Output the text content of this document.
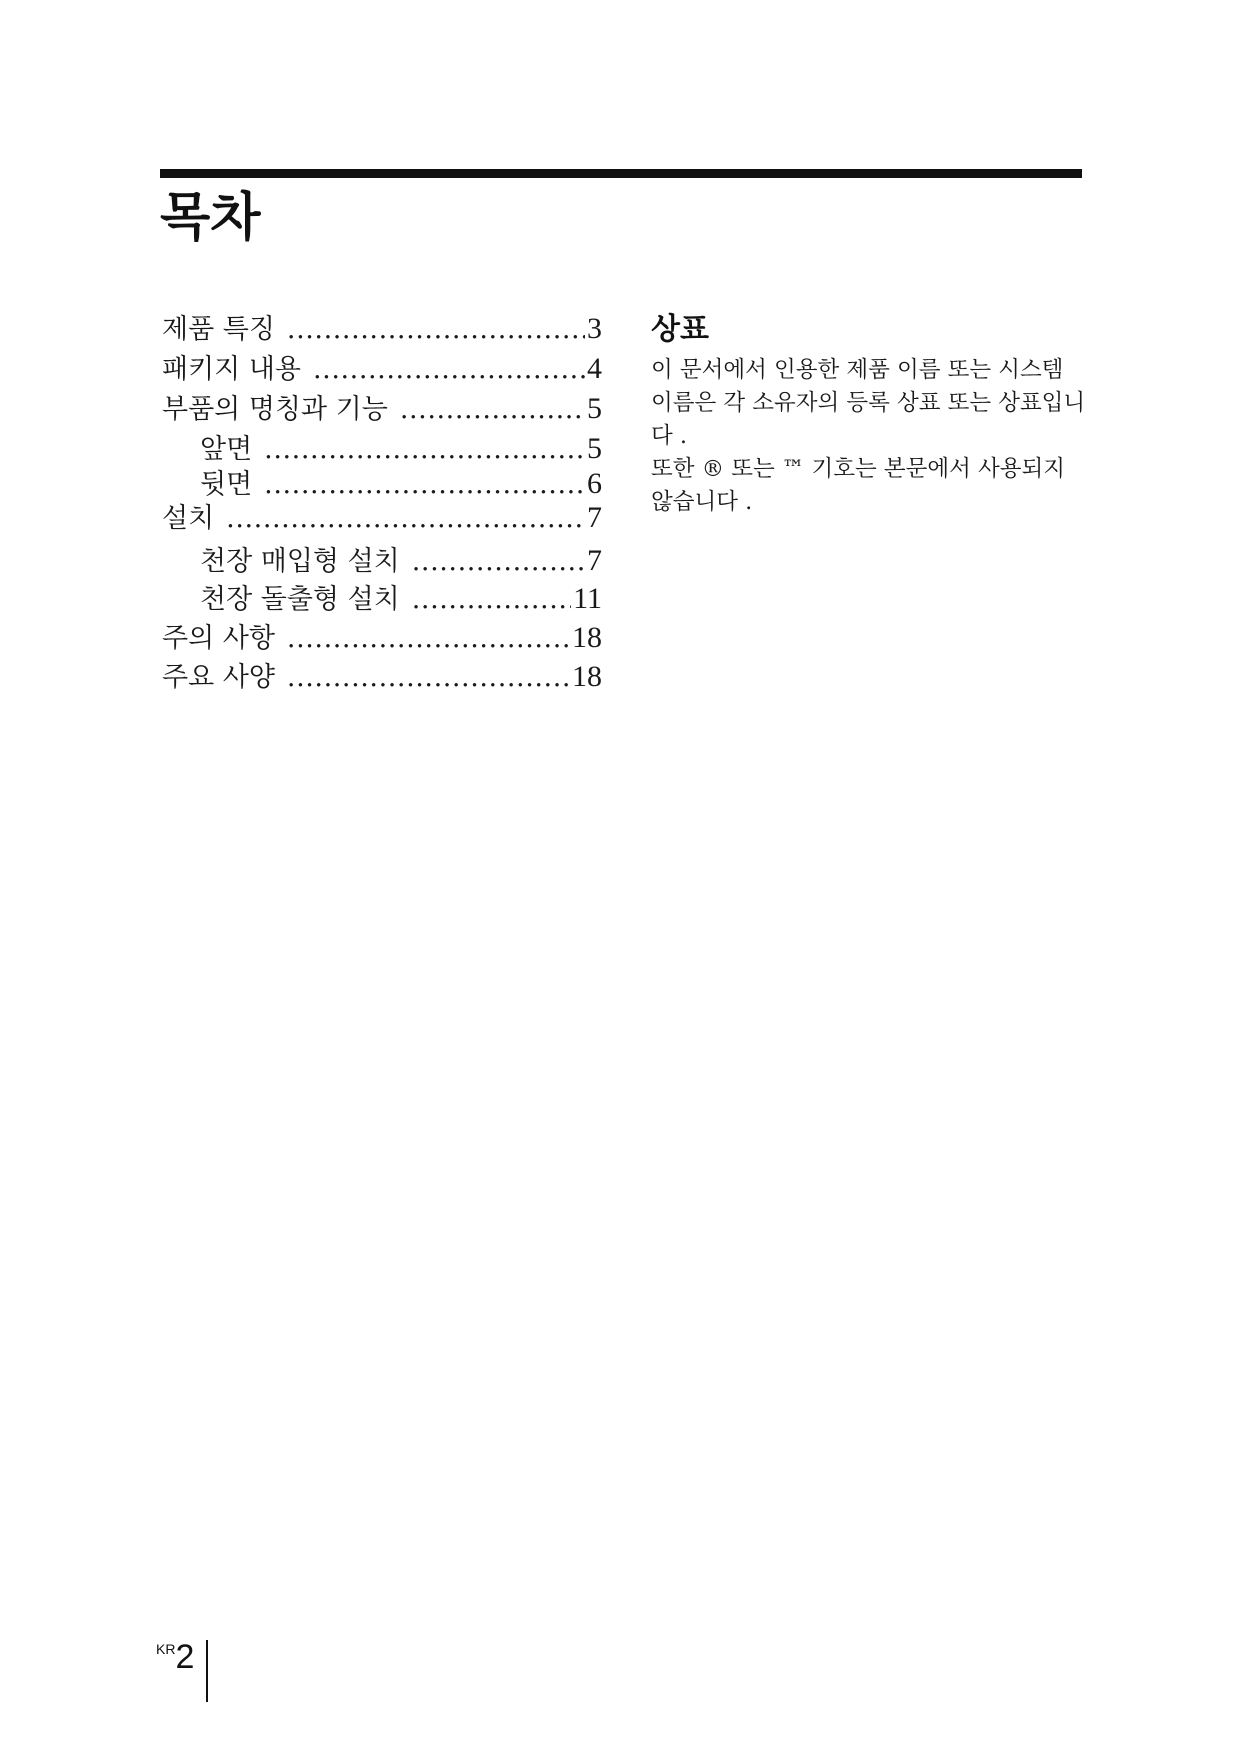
목차
제품 특징 . . .	3
패키지 내용 . . .	4
부품의 명칭과 기능 . . .	5
앞면 . . .	5
뒷면 . . .	6
설치 . . .	7
천장 매입형 설치 . . .	7
천장 돌출형 설치 . . .	11
주의 사항 . . .	18
주요 사양 . . .	18
상표

이 문서에서 인용한 제품 이름 또는 시스템 이름은 각 소유자의 등록 상표 또는 상표입니다 .

또한 ® 또는 ™ 기호는 본문에서 사용되지 않습니다 .

KR2
